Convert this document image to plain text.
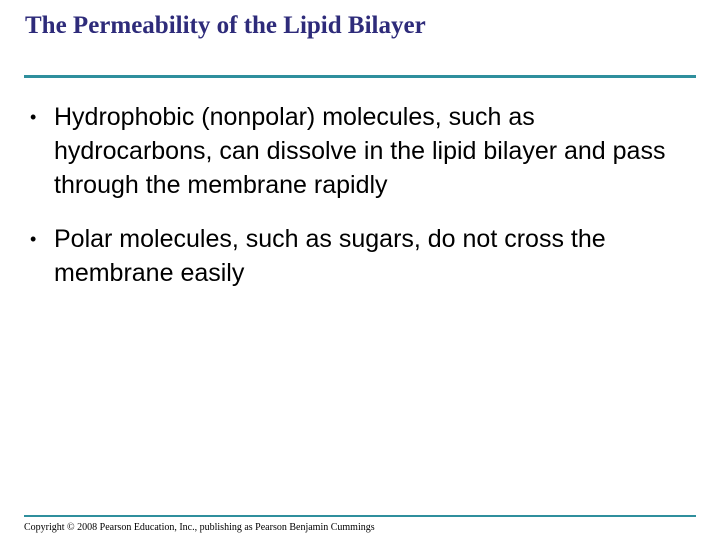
The Permeability of the Lipid Bilayer
• Hydrophobic (nonpolar) molecules, such as hydrocarbons, can dissolve in the lipid bilayer and pass through the membrane rapidly
• Polar molecules, such as sugars, do not cross the membrane easily
Copyright © 2008 Pearson Education, Inc., publishing as Pearson Benjamin Cummings
